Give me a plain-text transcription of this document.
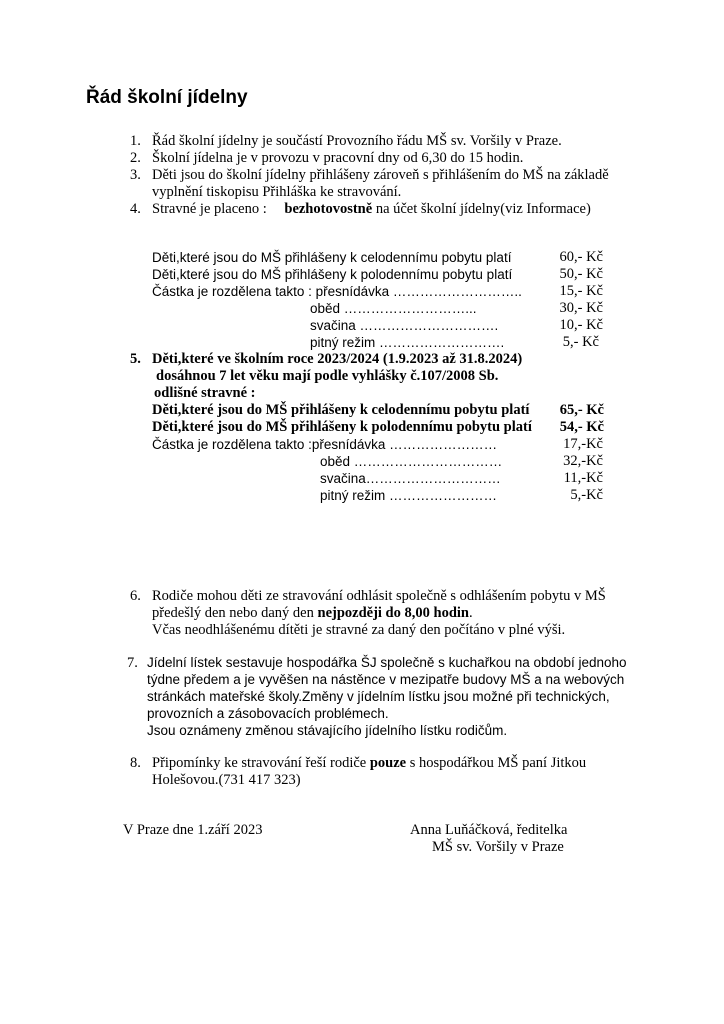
Řád školní jídelny
1. Řád školní jídelny je součástí Provozního řádu MŠ sv. Voršily v Praze.
2. Školní jídelna je v provozu v pracovní dny od 6,30 do 15 hodin.
3. Děti jsou do školní jídelny přihlášeny zároveň s přihlášením do MŠ na základě
vyplnění tiskopisu Přihláška ke stravování.
4. Stravné je placeno : bezhotovostně na účet školní jídelny(viz Informace)
Děti,které jsou do MŠ přihlášeny k celodennímu pobytu platí	60,- Kč
Děti,které jsou do MŠ přihlášeny k polodennímu pobytu platí	50,- Kč
Částka je rozdělena takto : přesnídávka ………………………..	15,- Kč
oběd ………………………...	30,- Kč
svačina ………………………….	10,- Kč
pitný režim ……………………….	5,- Kč
5. Děti,které ve školním roce 2023/2024 (1.9.2023 až 31.8.2024)
dosáhnou 7 let věku mají podle vyhlášky č.107/2008 Sb.
odlišné stravné :
Děti,které jsou do MŠ přihlášeny k celodennímu pobytu platí	65,- Kč
Děti,které jsou do MŠ přihlášeny k polodennímu pobytu platí	54,- Kč
Částka je rozdělena takto :přesnídávka ……………………	17,-Kč
oběd ……………………………	32,-Kč
svačina…………………………	11,-Kč
pitný režim ……………………	5,-Kč
6. Rodiče mohou děti ze stravování odhlásit společně s odhlášením pobytu v MŠ
předešlý den nebo daný den nejpozději do 8,00 hodin.
Včas neodhlášenému dítěti je stravné za daný den počítáno v plné výši.
7. Jídelní lístek sestavuje hospodářka ŠJ společně s kuchařkou na období jednoho
týdne předem a je vyvěšen na nástěnce v mezipatře budovy MŠ a na webových
stránkách mateřské školy.Změny v jídelním lístku jsou možné při technických,
provozních a zásobovacích problémech.
Jsou oznámeny změnou stávajícího jídelního lístku rodičům.
8. Připomínky ke stravování řeší rodiče pouze s hospodářkou MŠ paní Jitkou
Holešovou.(731 417 323)
V Praze dne 1.září 2023	Anna Luňáčková, ředitelka
MŠ sv. Voršily v Praze
